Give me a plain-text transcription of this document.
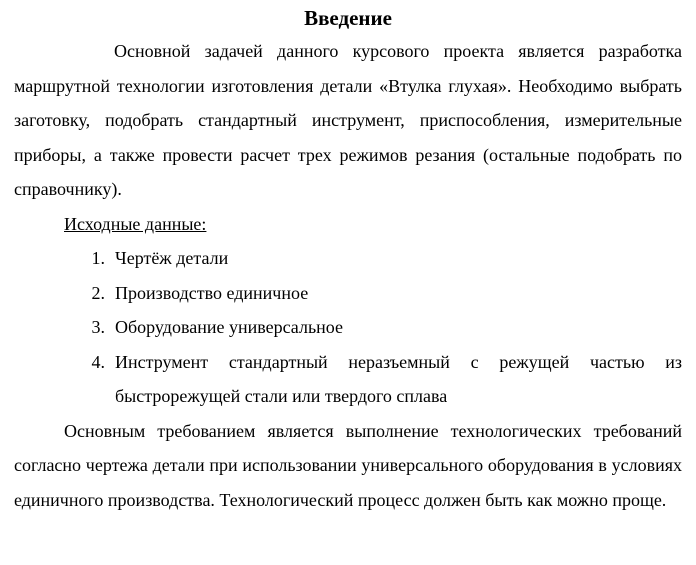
Введение

Основной задачей данного курсового проекта является разработка маршрутной технологии изготовления детали «Втулка глухая». Необходимо выбрать заготовку, подобрать стандартный инструмент, приспособления, измерительные приборы, а также провести расчет трех режимов резания (остальные подобрать по справочнику).

Исходные данные:

1. Чертёж детали
2. Производство единичное
3. Оборудование универсальное
4. Инструмент стандартный неразъемный с режущей частью из быстрорежущей стали или твердого сплава

Основным требованием является выполнение технологических требований согласно чертежа детали при использовании универсального оборудования в условиях единичного производства. Технологический процесс должен быть как можно проще.
